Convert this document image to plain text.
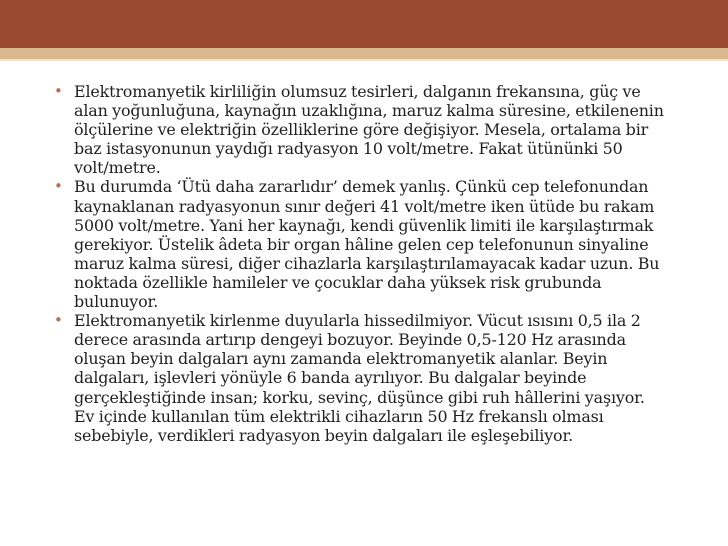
• Elektromanyetik kirliliğin olumsuz tesirleri, dalganın frekansına, güç ve alan yoğunluğuna, kaynağın uzaklığına, maruz kalma süresine, etkilenenin ölçülerine ve elektriğin özelliklerine göre değişiyor. Mesela, ortalama bir baz istasyonunun yaydığı radyasyon 10 volt/metre. Fakat ütününki 50 volt/metre.
• Bu durumda ‘Ütü daha zararlıdır’ demek yanlış. Çünkü cep telefonundan kaynaklanan radyasyonun sınır değeri 41 volt/metre iken ütüde bu rakam 5000 volt/metre. Yani her kaynağı, kendi güvenlik limiti ile karşılaştırmak gerekiyor. Üstelik âdeta bir organ hâline gelen cep telefonunun sinyaline maruz kalma süresi, diğer cihazlarla karşılaştırılamayacak kadar uzun. Bu noktada özellikle hamileler ve çocuklar daha yüksek risk grubunda bulunuyor.
• Elektromanyetik kirlenme duyularla hissedilmiyor. Vücut ısısını 0,5 ila 2 derece arasında artırıp dengeyi bozuyor. Beyinde 0,5-120 Hz arasında oluşan beyin dalgaları aynı zamanda elektromanyetik alanlar. Beyin dalgaları, işlevleri yönüyle 6 banda ayrılıyor. Bu dalgalar beyinde gerçekleştiğinde insan; korku, sevinç, düşünce gibi ruh hâllerini yaşıyor. Ev içinde kullanılan tüm elektrikli cihazların 50 Hz frekanslı olması sebebiyle, verdikleri radyasyon beyin dalgaları ile eşleşebiliyor.
